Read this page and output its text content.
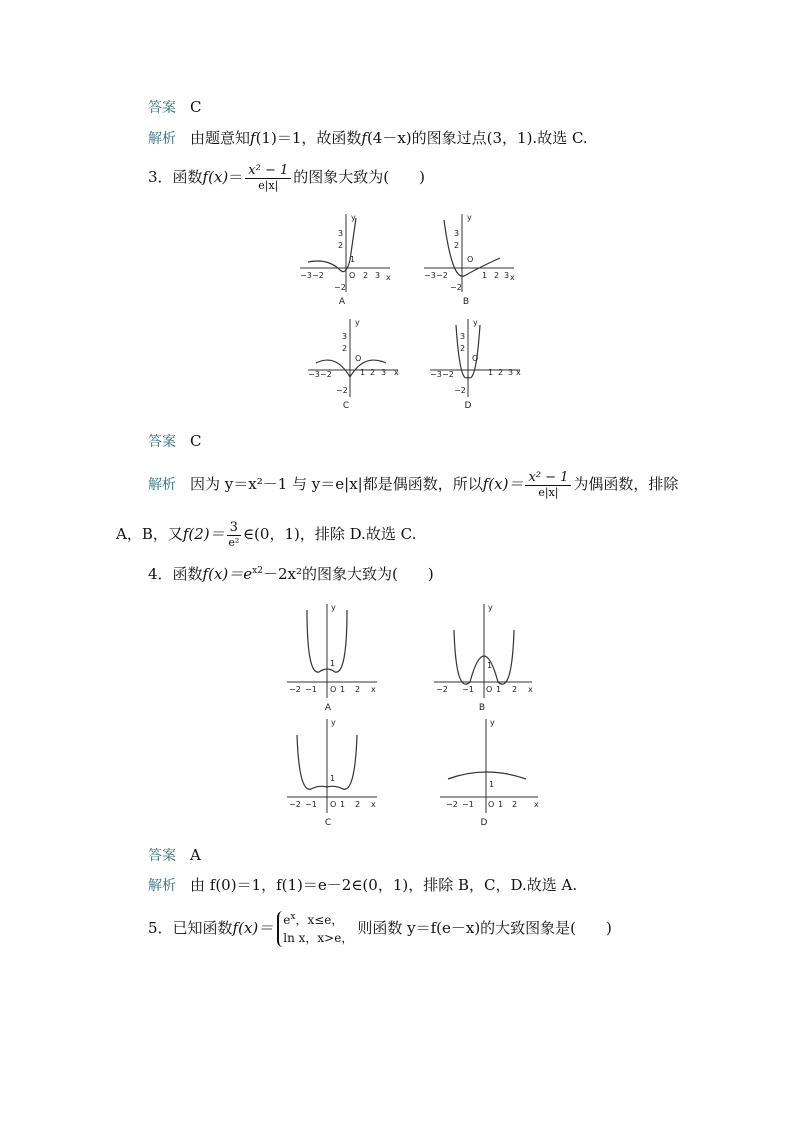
答案 C
解析 由题意知f(1)＝1，故函数f(4－x)的图象过点(3，1).故选 C.
3．函数$f(x)= \frac{\text{x² − 1}}{e|x|}$ 的图象大致为(　　)
y
x
3
2
1
−3 −2	O 2 3
−2
A
y
x
3
2
−3 −2
O
1 2 3
−2
B
y
x
3
2
O
−3 −2	1 2 3
−2
C
y
x
3
2
O
−3 −2	1 2 3
−2
D
答案 C
解析 因为 y＝x²－1 与 y＝e|x|都是偶函数，所以$f(x)= \frac{\text{x² − 1}}{e|x|}$ 为偶函数，排除
A，B，又$f(2)= \frac{3}{\text{e²}}$ ∈(0，1)，排除 D.故选 C.
4．函数$f(x)=e^{x2}-2x^2$的图象大致为(　　)
y
x
1
−2 −1 O 1 2
A
y
x
1
−2 −1 O 1 2
B
y
x
1
−2 −1 O 1 2
C
y
x
1
−2 −1 O 1 2
D
答案 A
解析 由 f(0)＝1，f(1)＝e－2∈(0，1)，排除 B，C，D.故选 A.
5．已知函数$f(x)= e^x$，x≤e，
ln x，x>e，
则函数 y＝f(e－x)的大致图象是(　　)
